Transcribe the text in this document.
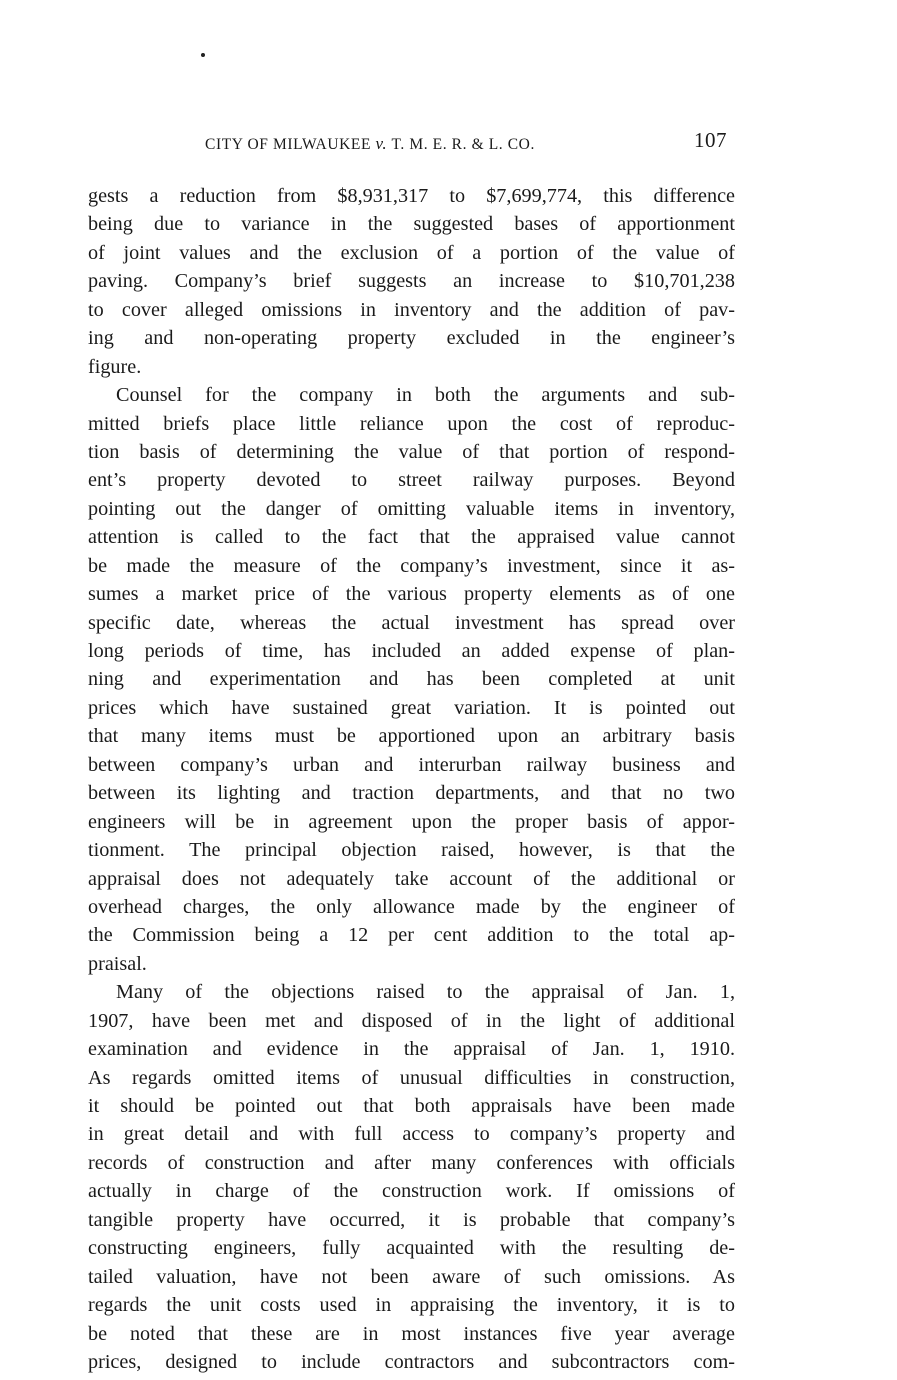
CITY OF MILWAUKEE v. T. M. E. R. & L. CO.	107
gests a reduction from $8,931,317 to $7,699,774, this difference
being due to variance in the suggested bases of apportionment
of joint values and the exclusion of a portion of the value of
paving. Company’s brief suggests an increase to $10,701,238
to cover alleged omissions in inventory and the addition of pav-
ing and non-operating property excluded in the engineer’s
figure.
Counsel for the company in both the arguments and sub-
mitted briefs place little reliance upon the cost of reproduc-
tion basis of determining the value of that portion of respond-
ent’s property devoted to street railway purposes. Beyond
pointing out the danger of omitting valuable items in inventory,
attention is called to the fact that the appraised value cannot
be made the measure of the company’s investment, since it as-
sumes a market price of the various property elements as of one
specific date, whereas the actual investment has spread over
long periods of time, has included an added expense of plan-
ning and experimentation and has been completed at unit
prices which have sustained great variation. It is pointed out
that many items must be apportioned upon an arbitrary basis
between company’s urban and interurban railway business and
between its lighting and traction departments, and that no two
engineers will be in agreement upon the proper basis of appor-
tionment. The principal objection raised, however, is that the
appraisal does not adequately take account of the additional or
overhead charges, the only allowance made by the engineer of
the Commission being a 12 per cent addition to the total ap-
praisal.
Many of the objections raised to the appraisal of Jan. 1,
1907, have been met and disposed of in the light of additional
examination and evidence in the appraisal of Jan. 1, 1910.
As regards omitted items of unusual difficulties in construction,
it should be pointed out that both appraisals have been made
in great detail and with full access to company’s property and
records of construction and after many conferences with officials
actually in charge of the construction work. If omissions of
tangible property have occurred, it is probable that company’s
constructing engineers, fully acquainted with the resulting de-
tailed valuation, have not been aware of such omissions. As
regards the unit costs used in appraising the inventory, it is to
be noted that these are in most instances five year average
prices, designed to include contractors and subcontractors com-
